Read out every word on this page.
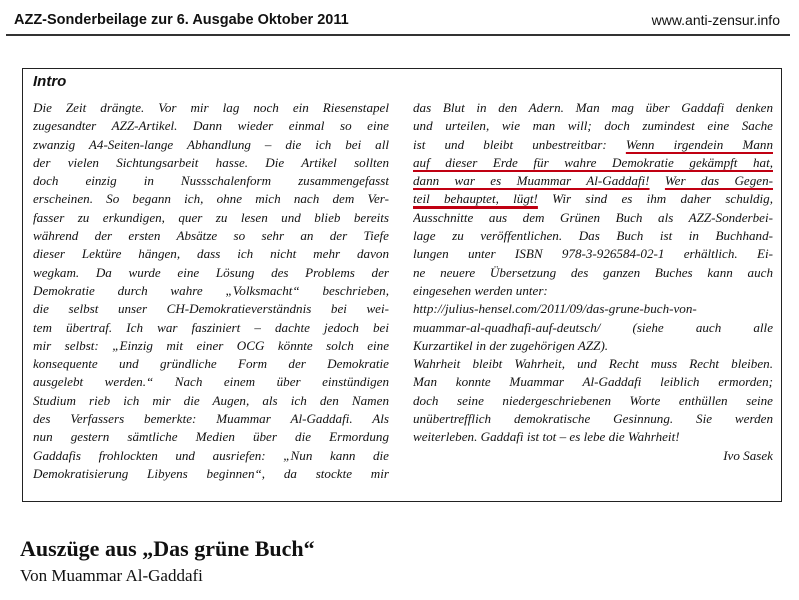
AZZ-Sonderbeilage zur 6. Ausgabe Oktober 2011	www.anti-zensur.info
Intro
Die Zeit drängte. Vor mir lag noch ein Riesenstapel
zugesandter AZZ-Artikel. Dann wieder einmal so eine
zwanzig A4-Seiten-lange Abhandlung – die ich bei all
der vielen Sichtungsarbeit hasse. Die Artikel sollten
doch einzig in Nussschalenform zusammengefasst
erscheinen. So begann ich, ohne mich nach dem Ver-
fasser zu erkundigen, quer zu lesen und blieb bereits
während der ersten Absätze so sehr an der Tiefe
dieser Lektüre hängen, dass ich nicht mehr davon
wegkam. Da wurde eine Lösung des Problems der
Demokratie durch wahre „Volksmacht“ beschrieben,
die selbst unser CH-Demokratieverständnis bei wei-
tem übertraf. Ich war fasziniert – dachte jedoch bei
mir selbst: „Einzig mit einer OCG könnte solch eine
konsequente und gründliche Form der Demokratie
ausgelebt werden.“ Nach einem über einstündigen
Studium rieb ich mir die Augen, als ich den Namen
des Verfassers bemerkte: Muammar Al-Gaddafi. Als
nun gestern sämtliche Medien über die Ermordung
Gaddafis frohlockten und ausriefen: „Nun kann die
Demokratisierung Libyens beginnen“, da stockte mir
das Blut in den Adern. Man mag über Gaddafi denken
und urteilen, wie man will; doch zumindest eine Sache
ist und bleibt unbestreitbar: Wenn irgendein Mann
auf dieser Erde für wahre Demokratie gekämpft hat,
dann war es Muammar Al-Gaddafi! Wer das Gegen-
teil behauptet, lügt! Wir sind es ihm daher schuldig,
Ausschnitte aus dem Grünen Buch als AZZ-Sonderbei-
lage zu veröffentlichen. Das Buch ist in Buchhand-
lungen unter ISBN 978-3-926584-02-1 erhältlich. Ei-
ne neuere Übersetzung des ganzen Buches kann auch
eingesehen werden unter:
http://julius-hensel.com/2011/09/das-grune-buch-von-
muammar-al-quadhafi-auf-deutsch/ (siehe auch alle
Kurzartikel in der zugehörigen AZZ).
Wahrheit bleibt Wahrheit, und Recht muss Recht bleiben.
Man konnte Muammar Al-Gaddafi leiblich ermorden;
doch seine niedergeschriebenen Worte enthüllen seine
unübertrefflich demokratische Gesinnung. Sie werden
weiterleben. Gaddafi ist tot – es lebe die Wahrheit!
Ivo Sasek
Auszüge aus „Das grüne Buch“
Von Muammar Al-Gaddafi
